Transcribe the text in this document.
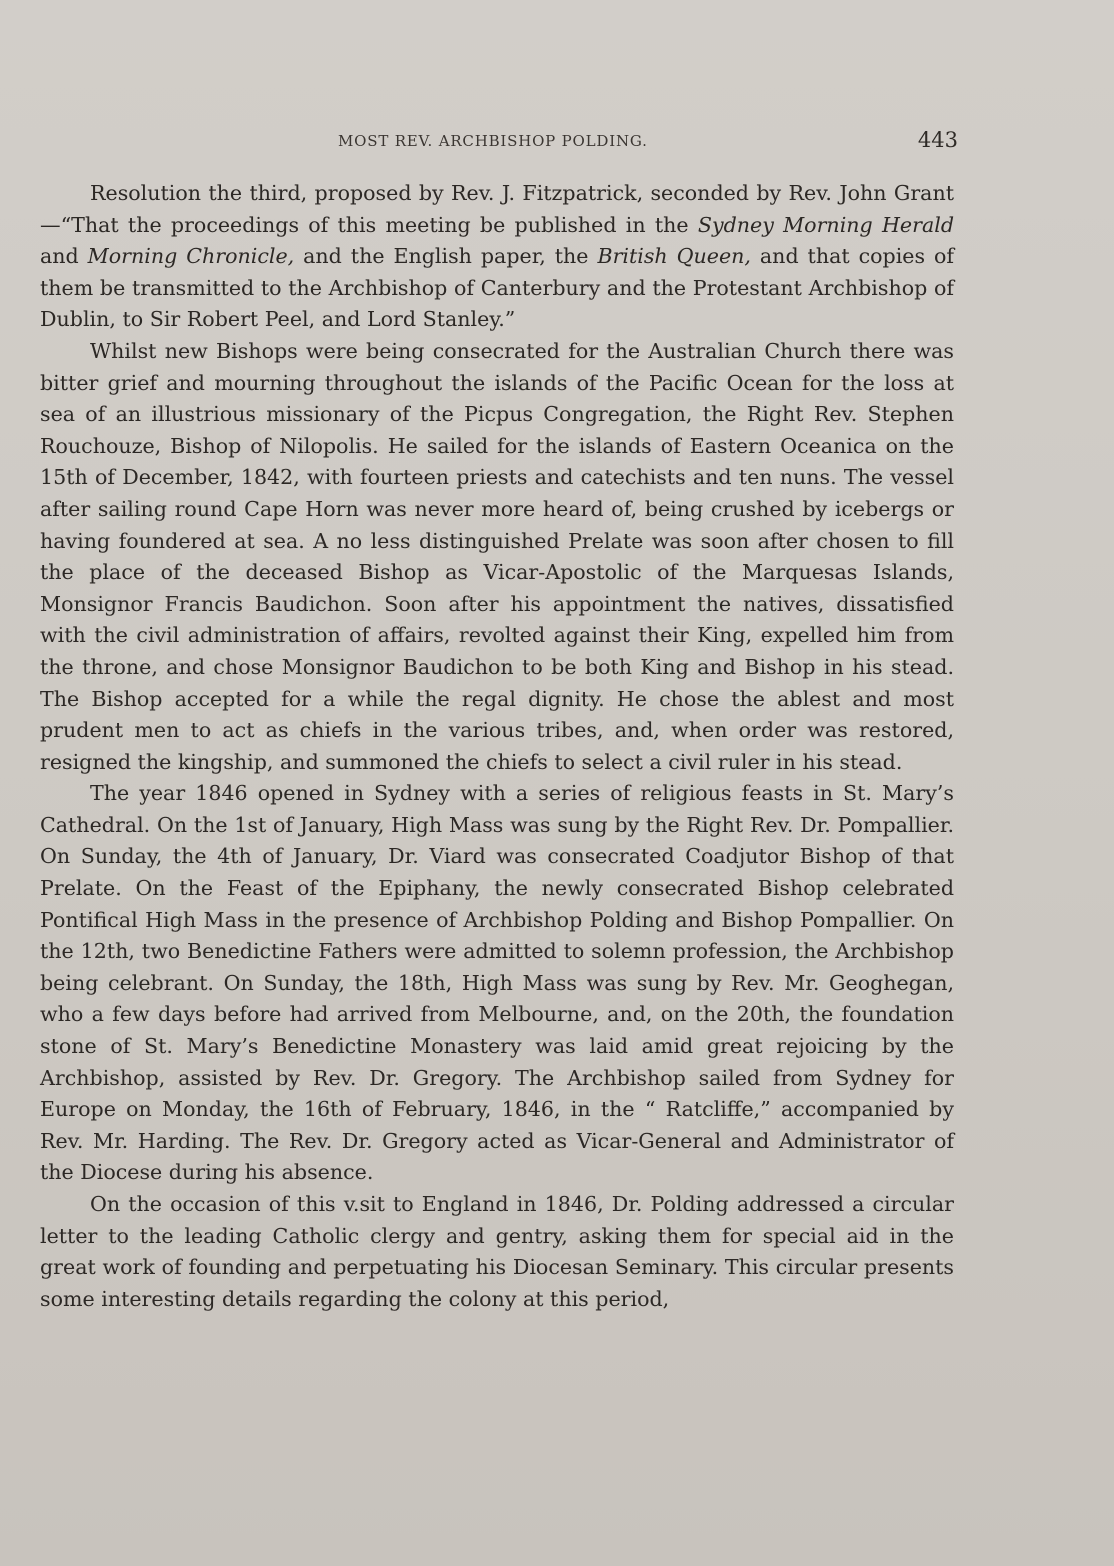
MOST REV. ARCHBISHOP POLDING.	443

Resolution the third, proposed by Rev. J. Fitzpatrick, seconded by Rev. John Grant—“That the proceedings of this meeting be published in the Sydney Morning Herald and Morning Chronicle, and the English paper, the British Queen, and that copies of them be transmitted to the Archbishop of Canterbury and the Protestant Archbishop of Dublin, to Sir Robert Peel, and Lord Stanley.”

Whilst new Bishops were being consecrated for the Australian Church there was bitter grief and mourning throughout the islands of the Pacific Ocean for the loss at sea of an illustrious missionary of the Picpus Congregation, the Right Rev. Stephen Rouchouze, Bishop of Nilopolis. He sailed for the islands of Eastern Oceanica on the 15th of December, 1842, with fourteen priests and catechists and ten nuns. The vessel after sailing round Cape Horn was never more heard of, being crushed by icebergs or having foundered at sea. A no less distinguished Prelate was soon after chosen to fill the place of the deceased Bishop as Vicar-Apostolic of the Marquesas Islands, Monsignor Francis Baudichon. Soon after his appointment the natives, dissatisfied with the civil administration of affairs, revolted against their King, expelled him from the throne, and chose Monsignor Baudichon to be both King and Bishop in his stead. The Bishop accepted for a while the regal dignity. He chose the ablest and most prudent men to act as chiefs in the various tribes, and, when order was restored, resigned the kingship, and summoned the chiefs to select a civil ruler in his stead.

The year 1846 opened in Sydney with a series of religious feasts in St. Mary’s Cathedral. On the 1st of January, High Mass was sung by the Right Rev. Dr. Pompallier. On Sunday, the 4th of January, Dr. Viard was consecrated Coadjutor Bishop of that Prelate. On the Feast of the Epiphany, the newly consecrated Bishop celebrated Pontifical High Mass in the presence of Archbishop Polding and Bishop Pompallier. On the 12th, two Benedictine Fathers were admitted to solemn profession, the Archbishop being celebrant. On Sunday, the 18th, High Mass was sung by Rev. Mr. Geoghegan, who a few days before had arrived from Melbourne, and, on the 20th, the foundation stone of St. Mary’s Benedictine Monastery was laid amid great rejoicing by the Archbishop, assisted by Rev. Dr. Gregory. The Archbishop sailed from Sydney for Europe on Monday, the 16th of February, 1846, in the “ Ratcliffe,” accompanied by Rev. Mr. Harding. The Rev. Dr. Gregory acted as Vicar-General and Administrator of the Diocese during his absence.

On the occasion of this v.sit to England in 1846, Dr. Polding addressed a circular letter to the leading Catholic clergy and gentry, asking them for special aid in the great work of founding and perpetuating his Diocesan Seminary. This circular presents some interesting details regarding the colony at this period,
